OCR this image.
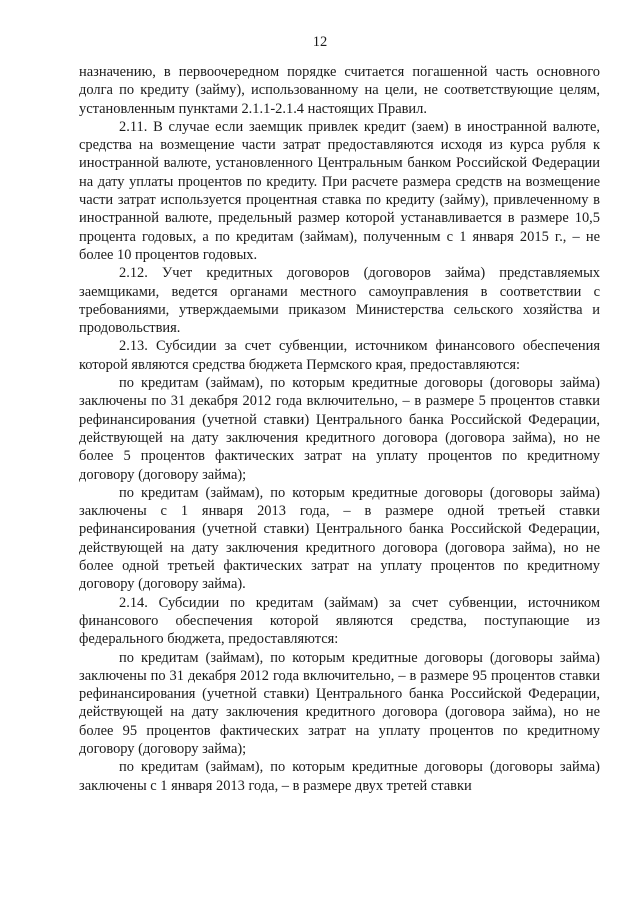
12

назначению, в первоочередном порядке считается погашенной часть основного долга по кредиту (займу), использованному на цели, не соответствующие целям, установленным пунктами 2.1.1-2.1.4 настоящих Правил.

2.11. В случае если заемщик привлек кредит (заем) в иностранной валюте, средства на возмещение части затрат предоставляются исходя из курса рубля к иностранной валюте, установленного Центральным банком Российской Федерации на дату уплаты процентов по кредиту. При расчете размера средств на возмещение части затрат используется процентная ставка по кредиту (займу), привлеченному в иностранной валюте, предельный размер которой устанавливается в размере 10,5 процента годовых, а по кредитам (займам), полученным с 1 января 2015 г., – не более 10 процентов годовых.

2.12. Учет кредитных договоров (договоров займа) представляемых заемщиками, ведется органами местного самоуправления в соответствии с требованиями, утверждаемыми приказом Министерства сельского хозяйства и продовольствия.

2.13. Субсидии за счет субвенции, источником финансового обеспечения которой являются средства бюджета Пермского края, предоставляются:

по кредитам (займам), по которым кредитные договоры (договоры займа) заключены по 31 декабря 2012 года включительно, – в размере 5 процентов ставки рефинансирования (учетной ставки) Центрального банка Российской Федерации, действующей на дату заключения кредитного договора (договора займа), но не более 5 процентов фактических затрат на уплату процентов по кредитному договору (договору займа);

по кредитам (займам), по которым кредитные договоры (договоры займа) заключены с 1 января 2013 года, – в размере одной третьей ставки рефинансирования (учетной ставки) Центрального банка Российской Федерации, действующей на дату заключения кредитного договора (договора займа), но не более одной третьей фактических затрат на уплату процентов по кредитному договору (договору займа).

2.14. Субсидии по кредитам (займам) за счет субвенции, источником финансового обеспечения которой являются средства, поступающие из федерального бюджета, предоставляются:

по кредитам (займам), по которым кредитные договоры (договоры займа) заключены по 31 декабря 2012 года включительно, – в размере 95 процентов ставки рефинансирования (учетной ставки) Центрального банка Российской Федерации, действующей на дату заключения кредитного договора (договора займа), но не более 95 процентов фактических затрат на уплату процентов по кредитному договору (договору займа);

по кредитам (займам), по которым кредитные договоры (договоры займа) заключены с 1 января 2013 года, – в размере двух третей ставки
